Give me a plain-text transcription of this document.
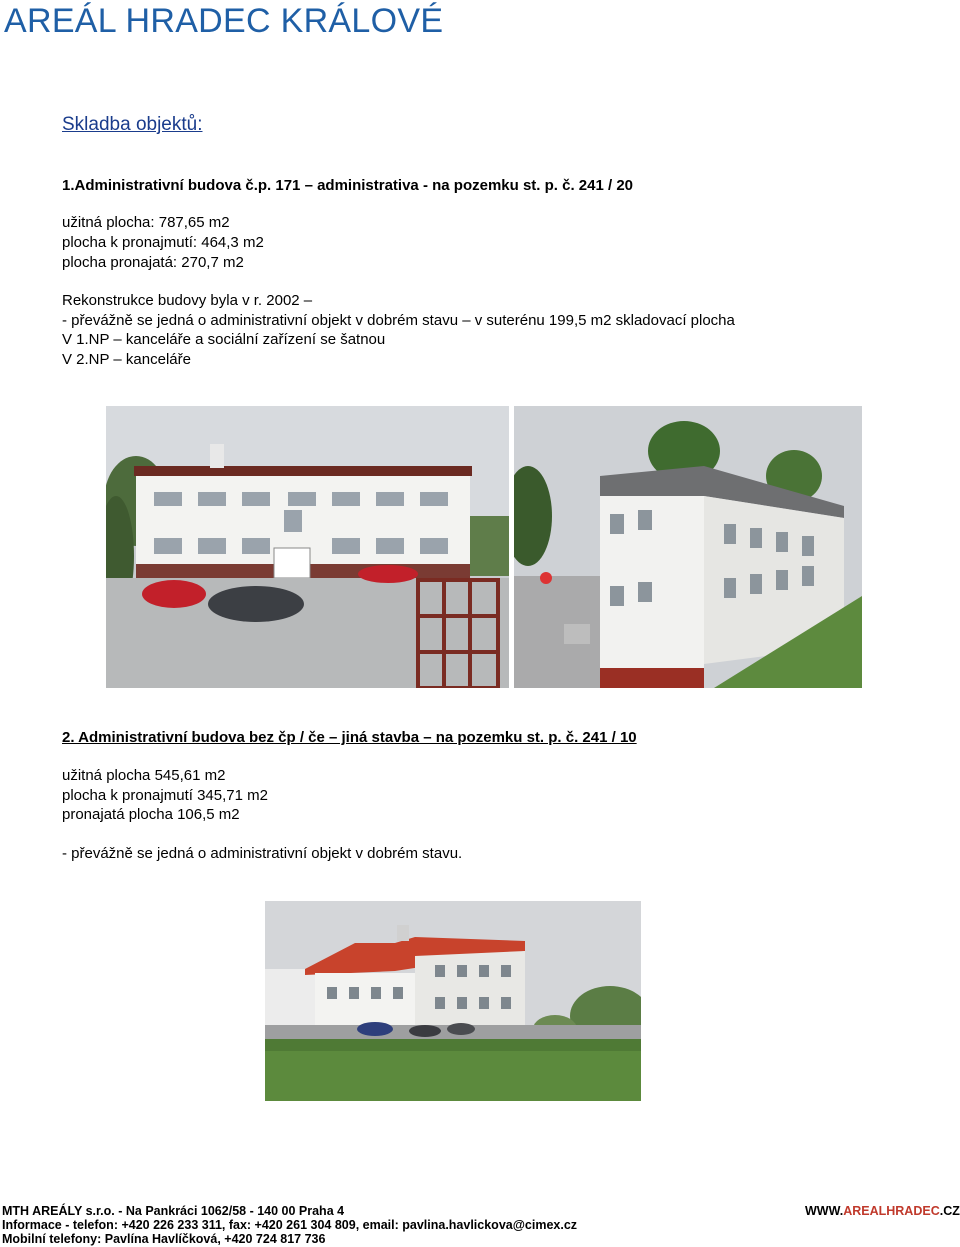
AREÁL HRADEC KRÁLOVÉ
Skladba objektů:
1.Administrativní budova č.p. 171 – administrativa - na pozemku st. p. č. 241 / 20
užitná plocha: 787,65 m2
plocha k pronajmutí: 464,3 m2
plocha pronajatá: 270,7 m2
Rekonstrukce budovy byla v r. 2002 –
- převážně se jedná o administrativní objekt v dobrém stavu – v suterénu 199,5 m2 skladovací plocha
V 1.NP – kanceláře a sociální zařízení se šatnou
V 2.NP – kanceláře
2. Administrativní budova bez čp / če – jiná stavba – na pozemku st. p. č. 241 / 10
užitná plocha 545,61 m2
plocha k pronajmutí 345,71 m2
pronajatá plocha 106,5 m2
- převážně se jedná o administrativní objekt v dobrém stavu.
MTH AREÁLY s.r.o. - Na Pankráci 1062/58 - 140 00 Praha 4	WWW.AREALHRADEC.CZ
Informace - telefon: +420 226 233 311, fax: +420 261 304 809, email: pavlina.havlickova@cimex.cz
Mobilní telefony: Pavlína Havlíčková, +420 724 817 736
